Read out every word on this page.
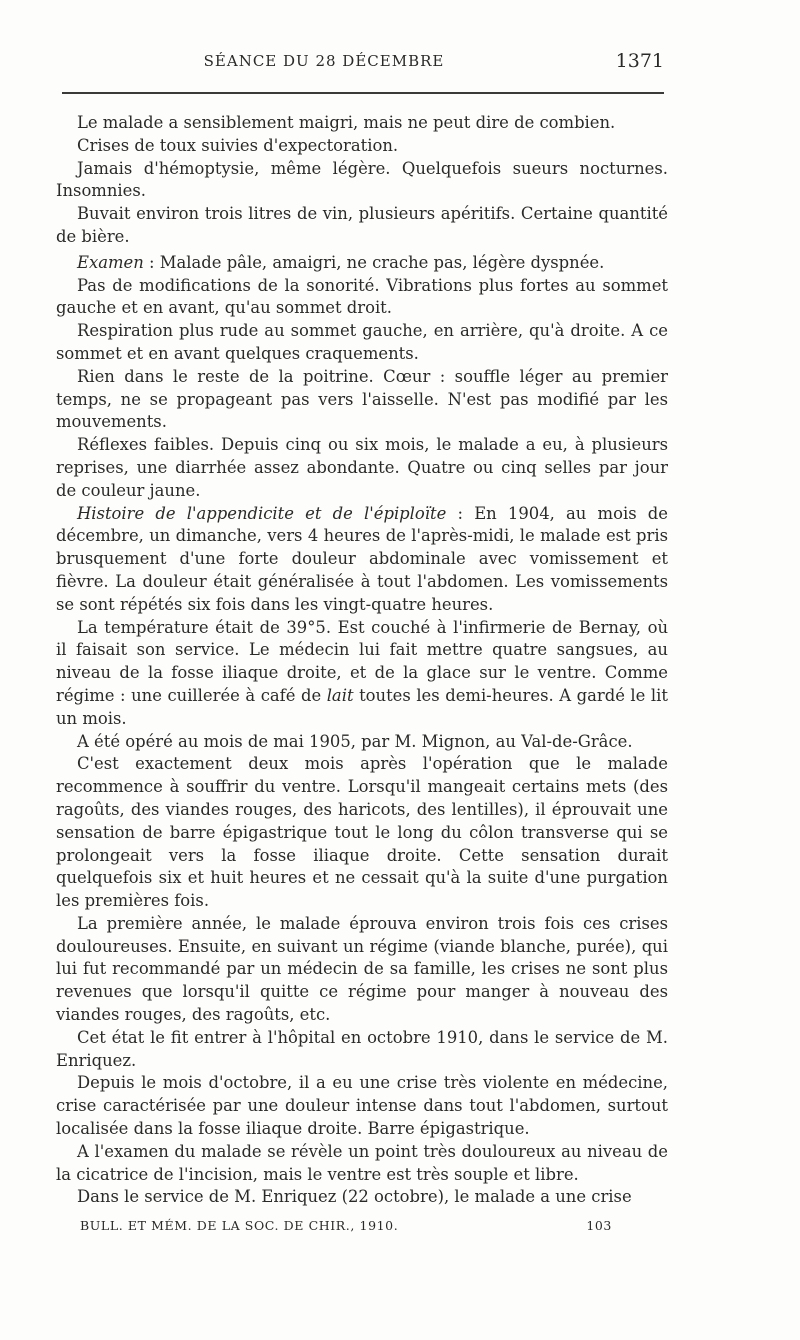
SÉANCE DU 28 DÉCEMBRE	1371

Le malade a sensiblement maigri, mais ne peut dire de combien.

Crises de toux suivies d'expectoration.

Jamais d'hémoptysie, même légère. Quelquefois sueurs nocturnes. Insomnies.

Buvait environ trois litres de vin, plusieurs apéritifs. Certaine quantité de bière.

Examen : Malade pâle, amaigri, ne crache pas, légère dyspnée.

Pas de modifications de la sonorité. Vibrations plus fortes au sommet gauche et en avant, qu'au sommet droit.

Respiration plus rude au sommet gauche, en arrière, qu'à droite. A ce sommet et en avant quelques craquements.

Rien dans le reste de la poitrine. Cœur : souffle léger au premier temps, ne se propageant pas vers l'aisselle. N'est pas modifié par les mouvements.

Réflexes faibles. Depuis cinq ou six mois, le malade a eu, à plusieurs reprises, une diarrhée assez abondante. Quatre ou cinq selles par jour de couleur jaune.

Histoire de l'appendicite et de l'épiploïte : En 1904, au mois de décembre, un dimanche, vers 4 heures de l'après-midi, le malade est pris brusquement d'une forte douleur abdominale avec vomissement et fièvre. La douleur était généralisée à tout l'abdomen. Les vomissements se sont répétés six fois dans les vingt-quatre heures.

La température était de 39°5. Est couché à l'infirmerie de Bernay, où il faisait son service. Le médecin lui fait mettre quatre sangsues, au niveau de la fosse iliaque droite, et de la glace sur le ventre. Comme régime : une cuillerée à café de lait toutes les demi-heures. A gardé le lit un mois.

A été opéré au mois de mai 1905, par M. Mignon, au Val-de-Grâce.

C'est exactement deux mois après l'opération que le malade recommence à souffrir du ventre. Lorsqu'il mangeait certains mets (des ragoûts, des viandes rouges, des haricots, des lentilles), il éprouvait une sensation de barre épigastrique tout le long du côlon transverse qui se prolongeait vers la fosse iliaque droite. Cette sensation durait quelquefois six et huit heures et ne cessait qu'à la suite d'une purgation les premières fois.

La première année, le malade éprouva environ trois fois ces crises douloureuses. Ensuite, en suivant un régime (viande blanche, purée), qui lui fut recommandé par un médecin de sa famille, les crises ne sont plus revenues que lorsqu'il quitte ce régime pour manger à nouveau des viandes rouges, des ragoûts, etc.

Cet état le fit entrer à l'hôpital en octobre 1910, dans le service de M. Enriquez.

Depuis le mois d'octobre, il a eu une crise très violente en médecine, crise caractérisée par une douleur intense dans tout l'abdomen, surtout localisée dans la fosse iliaque droite. Barre épigastrique.

A l'examen du malade se révèle un point très douloureux au niveau de la cicatrice de l'incision, mais le ventre est très souple et libre.

Dans le service de M. Enriquez (22 octobre), le malade a une crise

BULL. ET MÉM. DE LA SOC. DE CHIR., 1910.	103
